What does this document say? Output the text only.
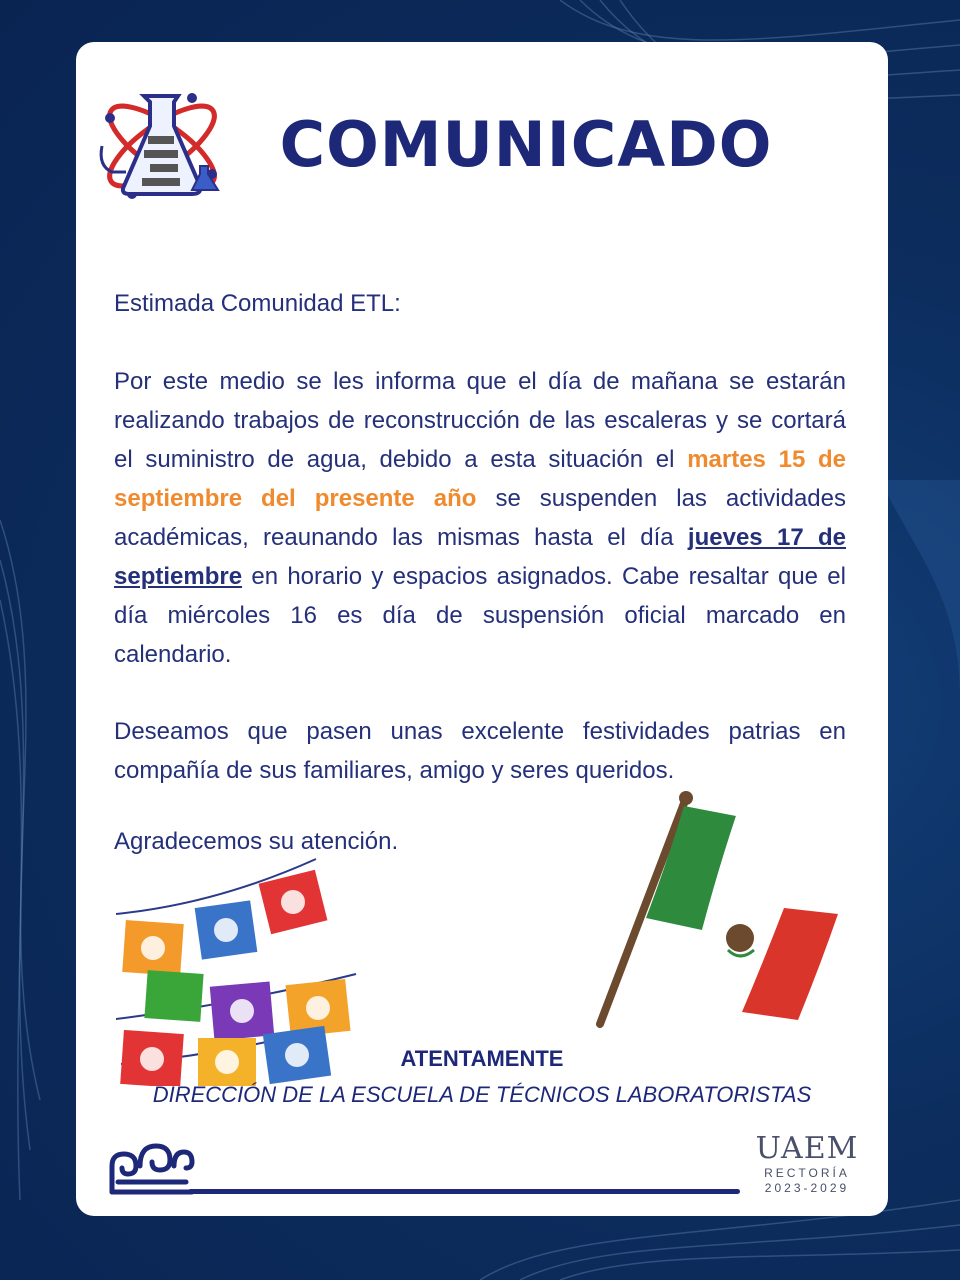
COMUNICADO
Estimada Comunidad ETL:
Por este medio se les informa que el día de mañana se estarán realizando trabajos de reconstrucción de las escaleras y se cortará el suministro de agua, debido a esta situación el martes 15 de septiembre del presente año se suspenden las actividades académicas, reaunando las mismas hasta el día jueves 17 de septiembre en horario y espacios asignados. Cabe resaltar que el día miércoles 16 es día de suspensión oficial marcado en calendario.
Deseamos que pasen unas excelente festividades patrias en compañía de sus familiares, amigo y seres queridos.
Agradecemos su atención.
ATENTAMENTE
DIRECCIÓN DE LA ESCUELA DE TÉCNICOS LABORATORISTAS
UAEM
RECTORÍA
2023-2029
